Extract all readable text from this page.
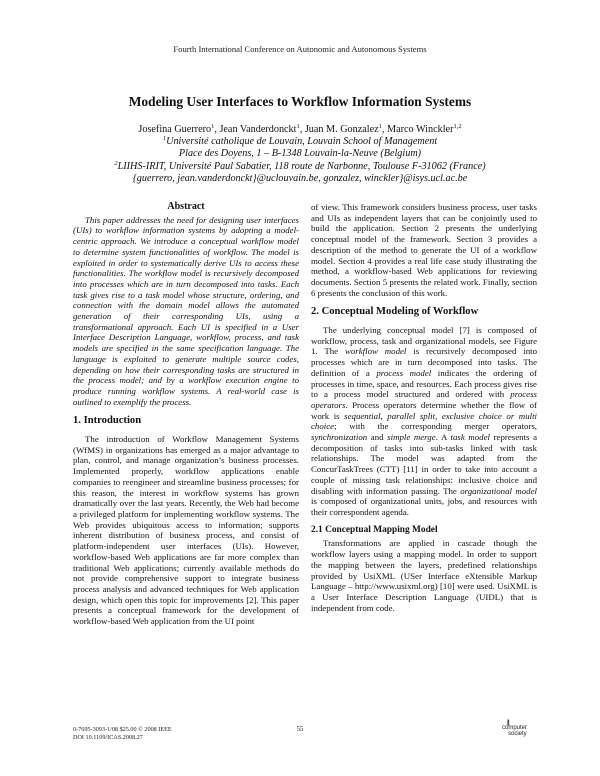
Fourth International Conference on Autonomic and Autonomous Systems
Modeling User Interfaces to Workflow Information Systems
Josefina Guerrero$^1$, Jean Vanderdonckt$^1$, Juan M. Gonzalez$^1$, Marco Winckler$^{1,2}$
$^1$Université catholique de Louvain, Louvain School of Management
Place des Doyens, 1 – B-1348 Louvain-la-Neuve (Belgium)
$^2$LIIHS-IRIT, Université Paul Sabatier, 118 route de Narbonne, Toulouse F-31062 (France)
{guerrero, jean.vanderdonckt}@uclouvain.be, gonzalez, winckler}@isys.ucl.ac.be
Abstract

This paper addresses the need for designing user interfaces (UIs) to workflow information systems by adopting a model-centric approach. We introduce a conceptual workflow model to determine system functionalities of workflow. The model is exploited in order to systematically derive UIs to access these functionalities. The workflow model is recursively decomposed into processes which are in turn decomposed into tasks. Each task gives rise to a task model whose structure, ordering, and connection with the domain model allows the automated generation of their corresponding UIs, using a transformational approach. Each UI is specified in a User Interface Description Language, workflow, process, and task models are specified in the same specification language. The language is exploited to generate multiple source codes, depending on how their corresponding tasks are structured in the process model; and by a workflow execution engine to produce running workflow systems. A real-world case is outlined to exemplify the process.

1. Introduction

The introduction of Workflow Management Systems (WfMS) in organizations has emerged as a major advantage to plan, control, and manage organization’s business processes. Implemented properly, workflow applications enable companies to reengineer and streamline business processes; for this reason, the interest in workflow systems has grown dramatically over the last years. Recently, the Web had become a privileged platform for implementing workflow systems. The Web provides ubiquitous access to information; supports inherent distribution of business process, and consist of platform-independent user interfaces (UIs). However, workflow-based Web applications are far more complex than traditional Web applications; currently available methods do not provide comprehensive support to integrate business process analysis and advanced techniques for Web application design, which open this topic for improvements [2]. This paper presents a conceptual framework for the development of workflow-based Web application from the UI point

of view. This framework considers business process, user tasks and UIs as independent layers that can be conjointly used to build the application. Section 2 presents the underlying conceptual model of the framework. Section 3 provides a description of the method to generate the UI of a workflow model. Section 4 provides a real life case study illustrating the method, a workflow-based Web applications for reviewing documents. Section 5 presents the related work. Finally, section 6 presents the conclusion of this work.

2. Conceptual Modeling of Workflow

The underlying conceptual model [7] is composed of workflow, process, task and organizational models, see Figure 1. The workflow model is recursively decomposed into processes which are in turn decomposed into tasks. The definition of a process model indicates the ordering of processes in time, space, and resources. Each process gives rise to a process model structured and ordered with process operators. Process operators determine whether the flow of work is sequential, parallel split, exclusive choice or multi choice; with the corresponding merger operators, synchronization and simple merge. A task model represents a decomposition of tasks into sub-tasks linked with task relationships. The model was adapted from the ConcurTaskTrees (CTT) [11] in order to take into account a couple of missing task relationships: inclusive choice and disabling with information passing. The organizational model is composed of organizational units, jobs, and resources with their correspondent agenda.

2.1 Conceptual Mapping Model

Transformations are applied in cascade though the workflow layers using a mapping model. In order to support the mapping between the layers, predefined relationships provided by UsiXML (USer Interface eXtensible Markup Language – http://www.usixml.org) [10] were used. UsiXML is a User Interface Description Language (UIDL) that is independent from code.

0-7695-3093-1/08 $25.00 © 2008 IEEE
DOI 10.1109/ICAS.2008.27
55
|||
computer
society
